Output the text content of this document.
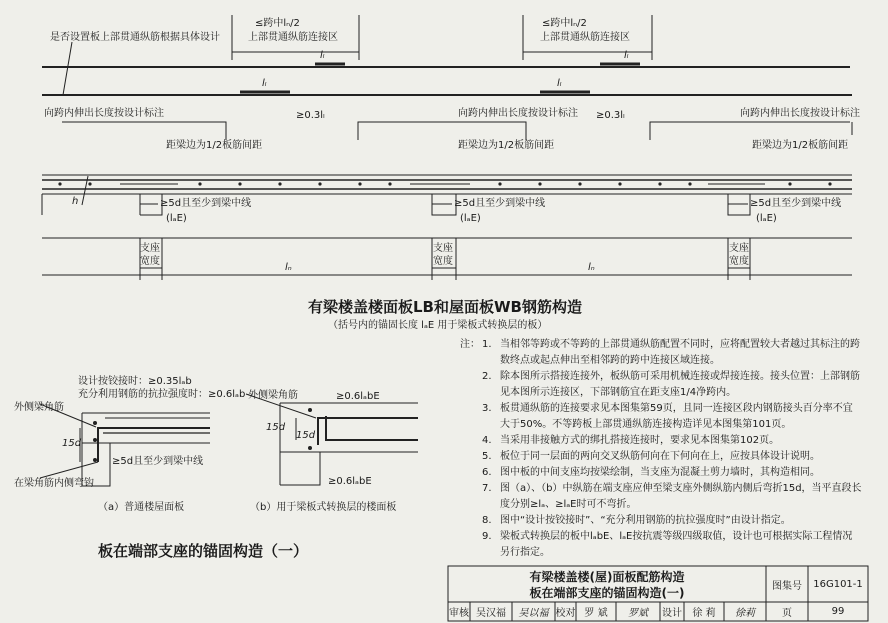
是否设置板上部贯通纵筋根据具体设计
≤跨中lₙ/2
上部贯通纵筋连接区
≤跨中lₙ/2
上部贯通纵筋连接区
lₗ	lₗ
lₗ	lₗ
向跨内伸出长度按设计标注	向跨内伸出长度按设计标注	向跨内伸出长度按设计标注
≥0.3lₗ	≥0.3lₗ
距梁边为1/2板筋间距	距梁边为1/2板筋间距	距梁边为1/2板筋间距
h	≥5d且至少到梁中线	≥5d且至少到梁中线	≥5d且至少到梁中线
(lₐE)	(lₐE)	(lₐE)
支座
宽度
支座
宽度
支座
宽度
lₙ	lₙ
有梁楼盖楼面板LB和屋面板WB钢筋构造
（括号内的锚固长度 lₐE 用于梁板式转换层的板）
设计按铰接时：≥0.35lₐb
充分利用钢筋的抗拉强度时：≥0.6lₐb
外侧梁角筋
15d
≥5d且至少到梁中线
在梁角筋内侧弯钩
（a）普通楼屋面板
外侧梁角筋	≥0.6lₐbE
15d
15d
≥0.6lₐbE
（b）用于梁板式转换层的楼面板
板在端部支座的锚固构造（一）
注： 1. 当相邻等跨或不等跨的上部贯通纵筋配置不同时，应将配置较大者越过其标注的跨数终点或起点伸出至相邻跨的跨中连接区域连接。
2. 除本图所示搭接连接外，板纵筋可采用机械连接或焊接连接。接头位置：上部钢筋见本图所示连接区，下部钢筋宜在距支座1/4净跨内。
3. 板贯通纵筋的连接要求见本图集第59页，且同一连接区段内钢筋接头百分率不宜大于50%。不等跨板上部贯通纵筋连接构造详见本图集第101页。
4. 当采用非接触方式的绑扎搭接连接时，要求见本图集第102页。
5. 板位于同一层面的两向交叉纵筋何向在下何向在上，应按具体设计说明。
6. 图中板的中间支座均按梁绘制，当支座为混凝土剪力墙时，其构造相同。
7. 图（a）、（b）中纵筋在端支座应伸至梁支座外侧纵筋内侧后弯折15d，当平直段长度分别≥lₐ、≥lₐE时可不弯折。
8. 图中“设计按铰接时”、“充分利用钢筋的抗拉强度时”由设计指定。
9. 梁板式转换层的板中lₐbE、lₐE按抗震等级四级取值，设计也可根据实际工程情况另行指定。
有梁楼盖楼(屋)面板配筋构造
板在端部支座的锚固构造(一)	图集号	16G101-1
审核 吴汉福	吴以福 校对 罗 斌	罗斌	设计	徐 莉	徐莉	页	99
